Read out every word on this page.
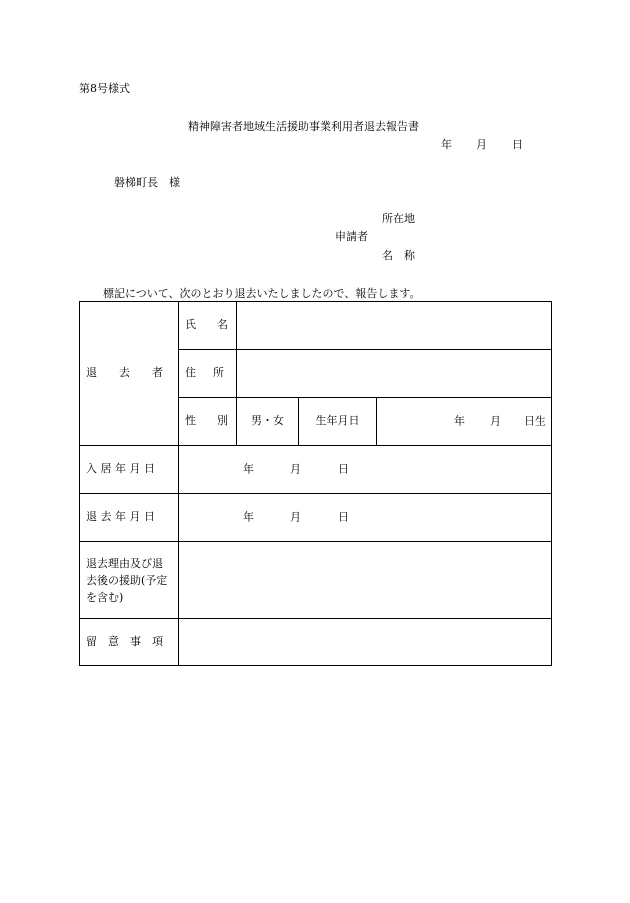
第8号様式
精神障害者地域生活援助事業利用者退去報告書
年 月 日
磐梯町長　様
所在地
申請者
名　称
標記について、次のとおり退去いたしましたので、報告します。
退　　去　　者	氏 名			

	住 所			

	性 別	男・女	生年月日	年 月 日生

入 居 年 月 日	年 月 日			

退 去 年 月 日	年 月 日			

退去理由及び退去後の援助(予定を含む)				
留　意　事　項				
